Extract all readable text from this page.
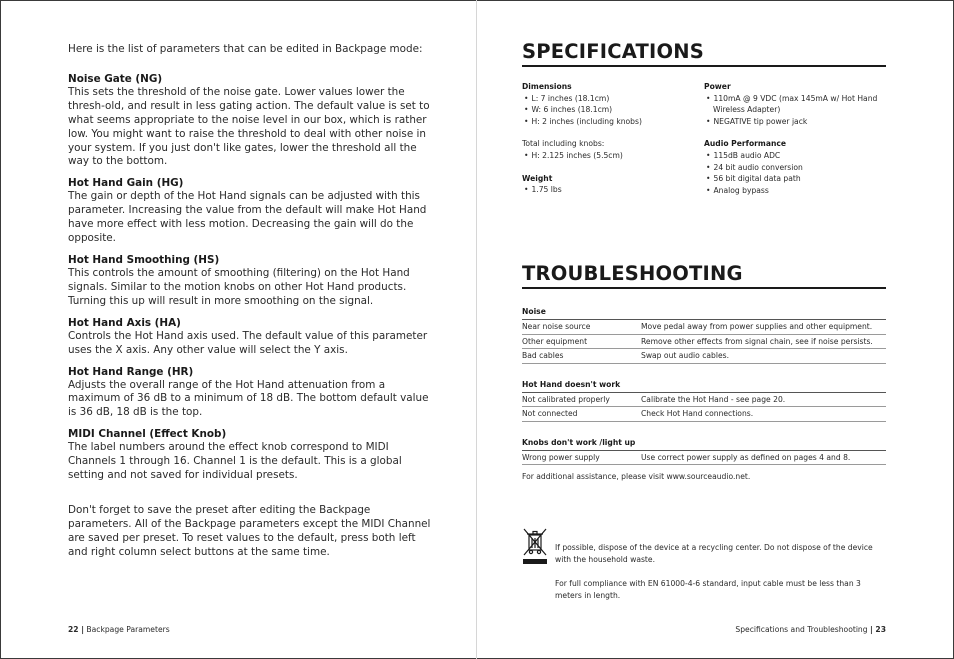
Here is the list of parameters that can be edited in Backpage mode:

Noise Gate (NG)

This sets the threshold of the noise gate. Lower values lower the thresh-old, and result in less gating action. The default value is set to what seems appropriate to the noise level in our box, which is rather low. You might want to raise the threshold to deal with other noise in your system. If you just don't like gates, lower the threshold all the way to the bottom.

Hot Hand Gain (HG)

The gain or depth of the Hot Hand signals can be adjusted with this parameter. Increasing the value from the default will make Hot Hand have more effect with less motion. Decreasing the gain will do the opposite.

Hot Hand Smoothing (HS)

This controls the amount of smoothing (filtering) on the Hot Hand signals. Similar to the motion knobs on other Hot Hand products. Turning this up will result in more smoothing on the signal.

Hot Hand Axis (HA)

Controls the Hot Hand axis used. The default value of this parameter uses the X axis. Any other value will select the Y axis.

Hot Hand Range (HR)

Adjusts the overall range of the Hot Hand attenuation from a maximum of 36 dB to a minimum of 18 dB. The bottom default value is 36 dB, 18 dB is the top.

MIDI Channel (Effect Knob)

The label numbers around the effect knob correspond to MIDI Channels 1 through 16. Channel 1 is the default. This is a global setting and not saved for individual presets.

Don't forget to save the preset after editing the Backpage parameters. All of the Backpage parameters except the MIDI Channel are saved per preset. To reset values to the default, press both left and right column select buttons at the same time.

22 | Backpage Parameters
SPECIFICATIONS
Dimensions
• L: 7 inches (18.1cm)
• W: 6 inches (18.1cm)
• H: 2 inches (including knobs)

Total including knobs:

• H: 2.125 inches (5.5cm)
Weight
• 1.75 lbs
Power
• 110mA @ 9 VDC (max 145mA w/ Hot Hand Wireless Adapter)
• NEGATIVE tip power jack
Audio Performance
• 115dB audio ADC
• 24 bit audio conversion
• 56 bit digital data path
• Analog bypass
TROUBLESHOOTING
Noise
Near noise source	Move pedal away from power supplies and other equipment.
Other equipment	Remove other effects from signal chain, see if noise persists.
Bad cables	Swap out audio cables.
Hot Hand doesn't work
Not calibrated properly	Calibrate the Hot Hand - see page 20.
Not connected	Check Hot Hand connections.
Knobs don't work /light up
Wrong power supply	Use correct power supply as defined on pages 4 and 8.

For additional assistance, please visit www.sourceaudio.net.

If possible, dispose of the device at a recycling center. Do not dispose of the device with the household waste.

For full compliance with EN 61000-4-6 standard, input cable must be less than 3 meters in length.

Specifications and Troubleshooting | 23
